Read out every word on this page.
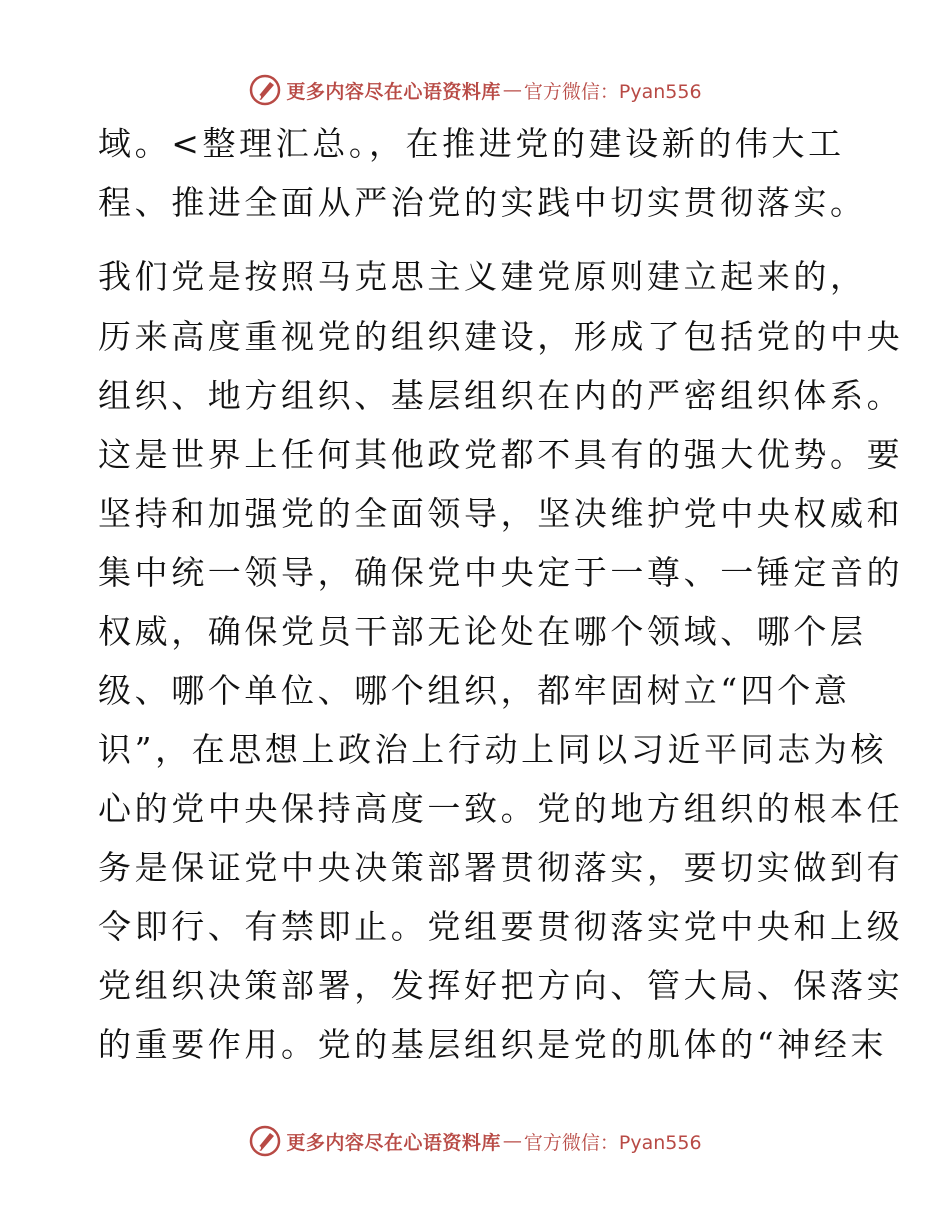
更多内容尽在心语资料库 — 官方微信：Pyan556
域。<整理汇总。，在推进党的建设新的伟大工
程、推进全面从严治党的实践中切实贯彻落实。
我们党是按照马克思主义建党原则建立起来的，
历来高度重视党的组织建设，形成了包括党的中央
组织、地方组织、基层组织在内的严密组织体系。
这是世界上任何其他政党都不具有的强大优势。要
坚持和加强党的全面领导，坚决维护党中央权威和
集中统一领导，确保党中央定于一尊、一锤定音的
权威，确保党员干部无论处在哪个领域、哪个层
级、哪个单位、哪个组织，都牢固树立“四个意
识”，在思想上政治上行动上同以习近平同志为核
心的党中央保持高度一致。党的地方组织的根本任
务是保证党中央决策部署贯彻落实，要切实做到有
令即行、有禁即止。党组要贯彻落实党中央和上级
党组织决策部署，发挥好把方向、管大局、保落实
的重要作用。党的基层组织是党的肌体的“神经末
更多内容尽在心语资料库 — 官方微信：Pyan556
